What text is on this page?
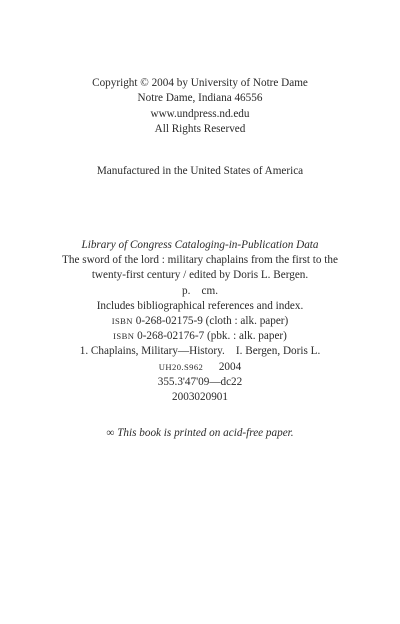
Copyright © 2004 by University of Notre Dame
Notre Dame, Indiana 46556
www.undpress.nd.edu
All Rights Reserved
Manufactured in the United States of America
Library of Congress Cataloging-in-Publication Data
The sword of the lord : military chaplains from the first to the
twenty-first century / edited by Doris L. Bergen.
p.    cm.
Includes bibliographical references and index.
ISBN 0-268-02175-9 (cloth : alk. paper)
ISBN 0-268-02176-7 (pbk. : alk. paper)
1. Chaplains, Military—History.    I. Bergen, Doris L.
UH20.S962 2004
355.3'47'09—dc22
2003020901
∞ This book is printed on acid-free paper.
